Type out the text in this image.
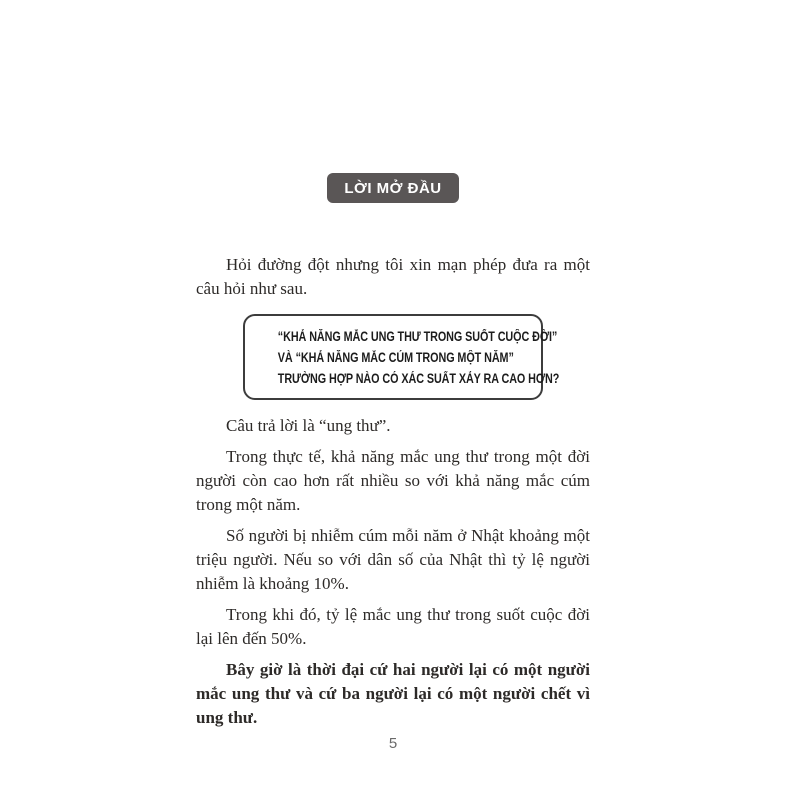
LỜI MỞ ĐẦU

Hỏi đường đột nhưng tôi xin mạn phép đưa ra một câu hỏi như sau.

“KHẢ NĂNG MẮC UNG THƯ TRONG SUỐT CUỘC ĐỜI”
VÀ “KHẢ NĂNG MẮC CÚM TRONG MỘT NĂM”
TRƯỜNG HỢP NÀO CÓ XÁC SUẤT XẢY RA CAO HƠN?

Câu trả lời là “ung thư”.

Trong thực tế, khả năng mắc ung thư trong một đời người còn cao hơn rất nhiều so với khả năng mắc cúm trong một năm.

Số người bị nhiễm cúm mỗi năm ở Nhật khoảng một triệu người. Nếu so với dân số của Nhật thì tỷ lệ người nhiễm là khoảng 10%.

Trong khi đó, tỷ lệ mắc ung thư trong suốt cuộc đời lại lên đến 50%.

Bây giờ là thời đại cứ hai người lại có một người mắc ung thư và cứ ba người lại có một người chết vì ung thư.

5
